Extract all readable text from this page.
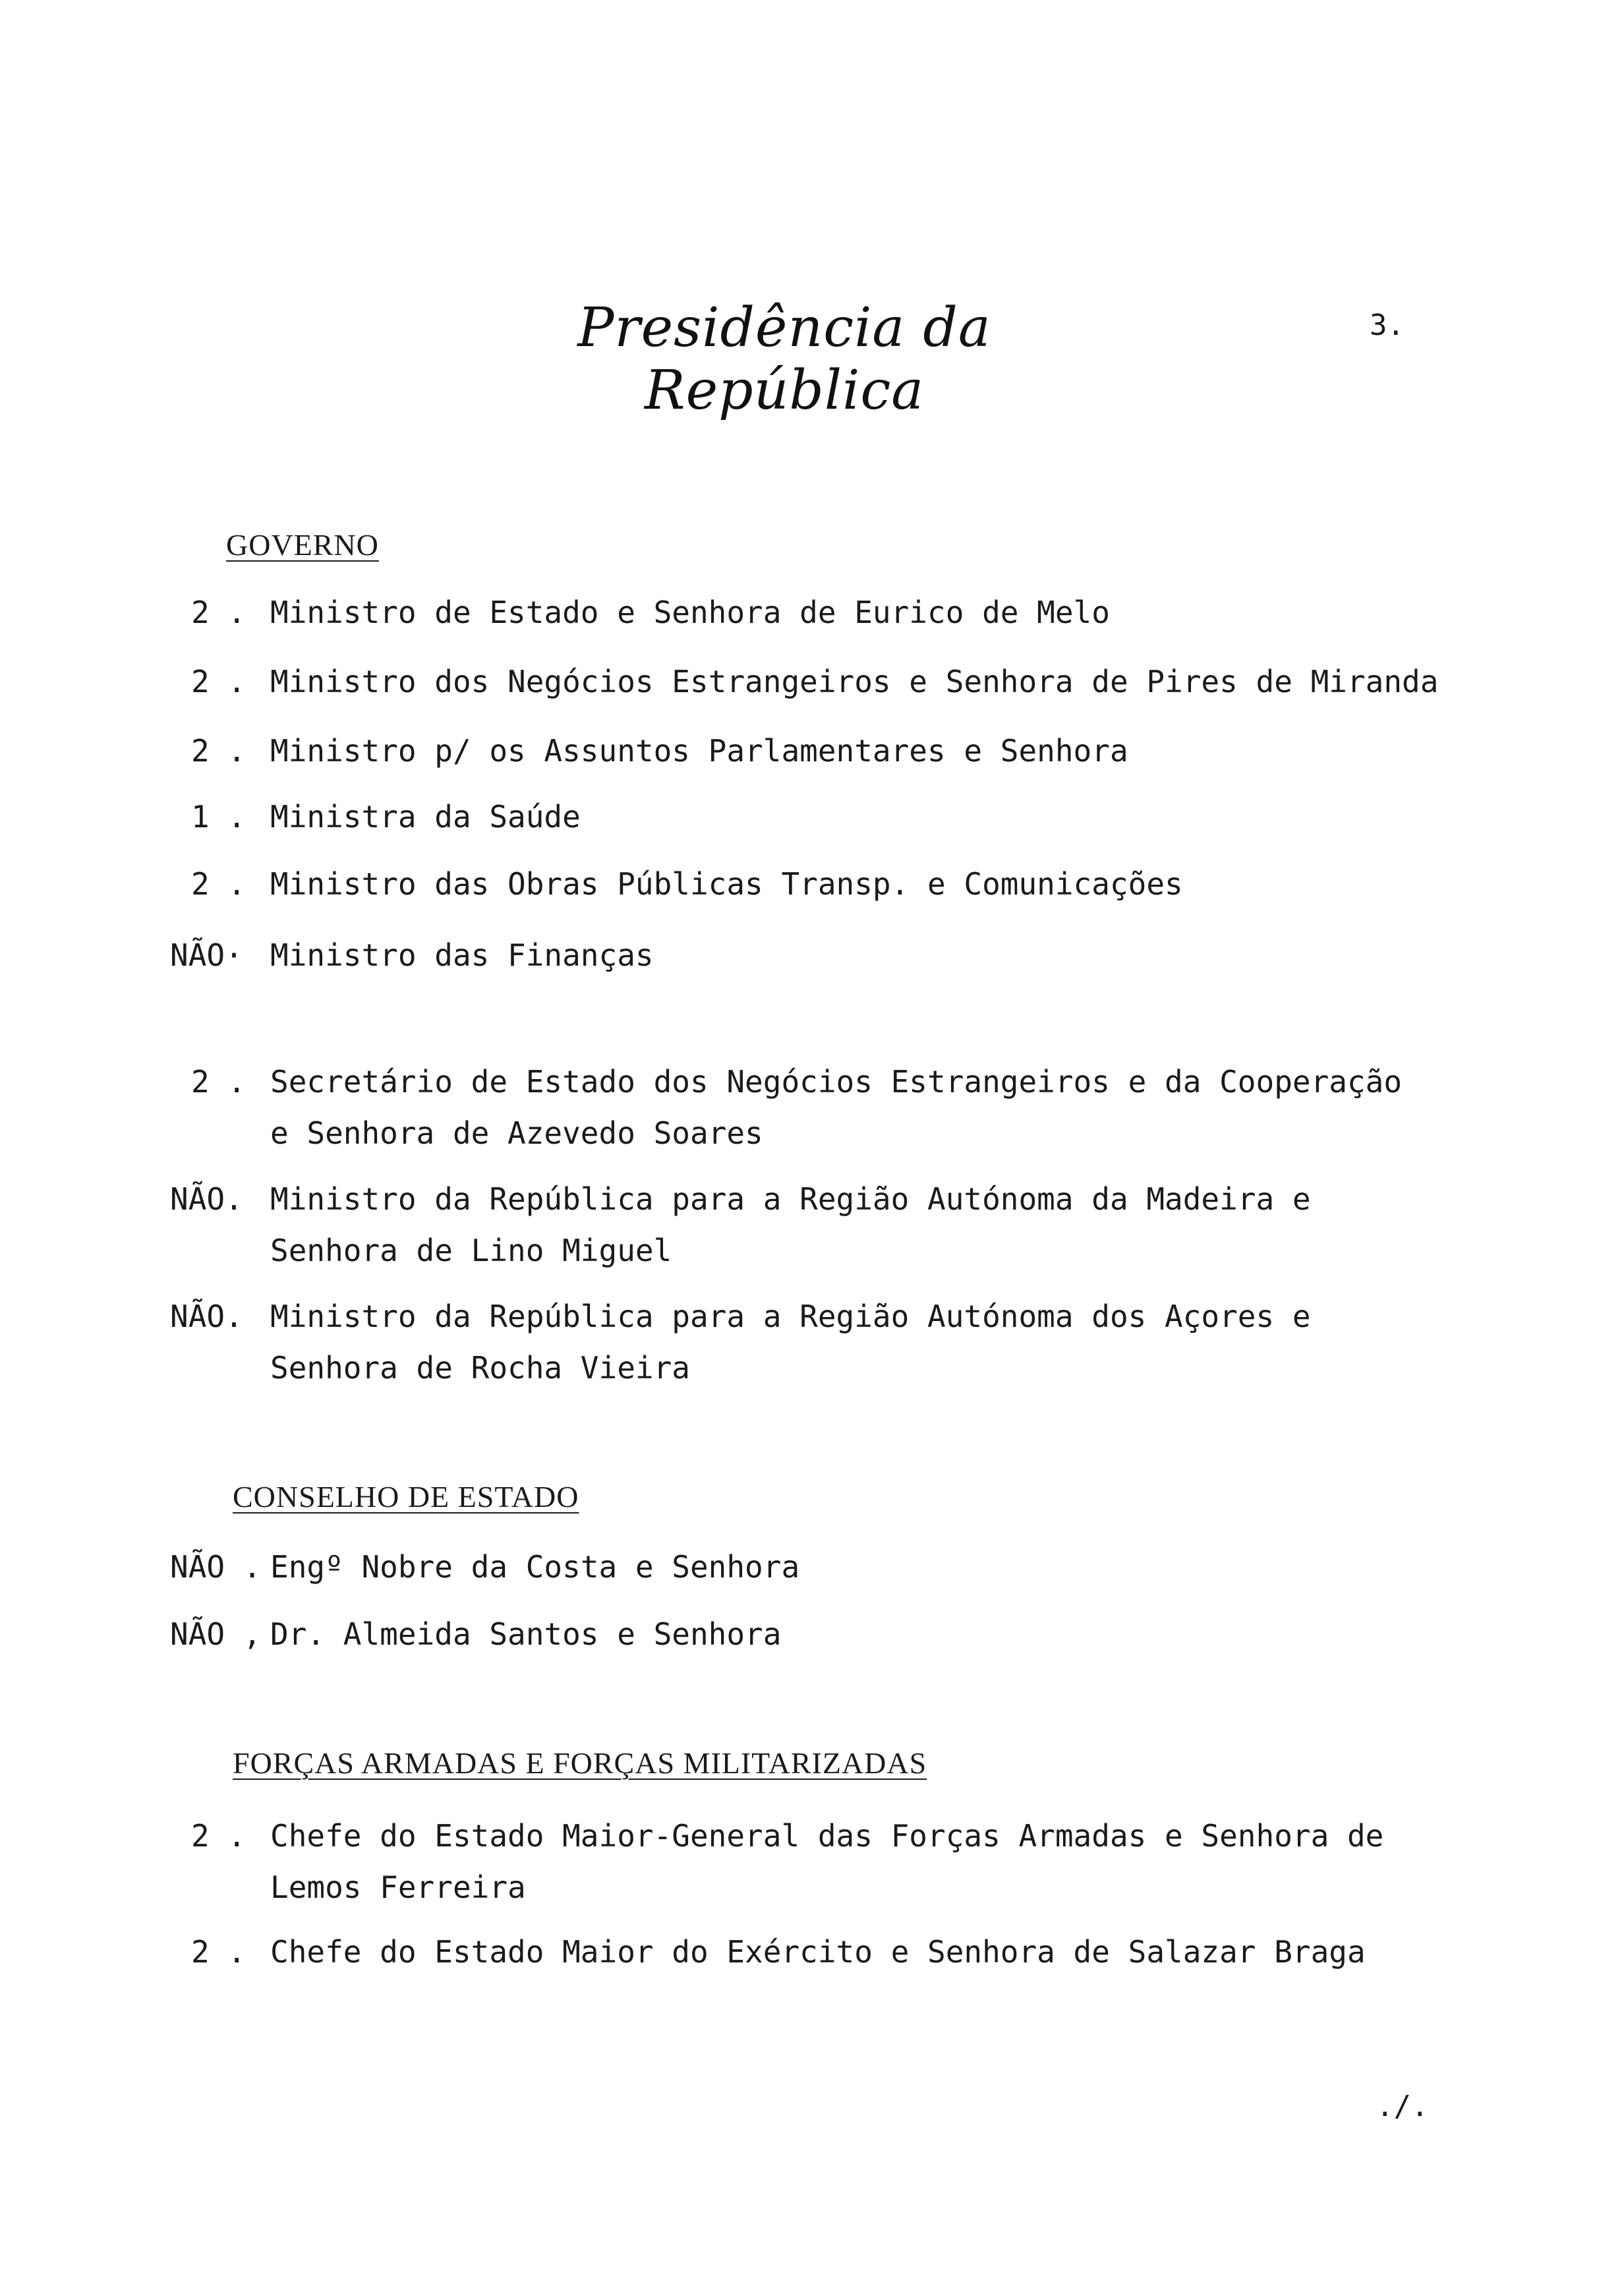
Presidência da República
3.
GOVERNO
2 . Ministro de Estado e Senhora de Eurico de Melo
2 . Ministro dos Negócios Estrangeiros e Senhora de Pires de Miranda
2 . Ministro p/ os Assuntos Parlamentares e Senhora
1 . Ministra da Saúde
2 . Ministro das Obras Públicas Transp. e Comunicações
NÃO· Ministro das Finanças
2 . Secretário de Estado dos Negócios Estrangeiros e da Cooperação
e Senhora de Azevedo Soares
NÃO. Ministro da República para a Região Autónoma da Madeira e
Senhora de Lino Miguel
NÃO. Ministro da República para a Região Autónoma dos Açores e
Senhora de Rocha Vieira
CONSELHO DE ESTADO
NÃO . Engº Nobre da Costa e Senhora
NÃO , Dr. Almeida Santos e Senhora
FORÇAS ARMADAS E FORÇAS MILITARIZADAS
2 . Chefe do Estado Maior-General das Forças Armadas e Senhora de
Lemos Ferreira
2 . Chefe do Estado Maior do Exército e Senhora de Salazar Braga
./.
